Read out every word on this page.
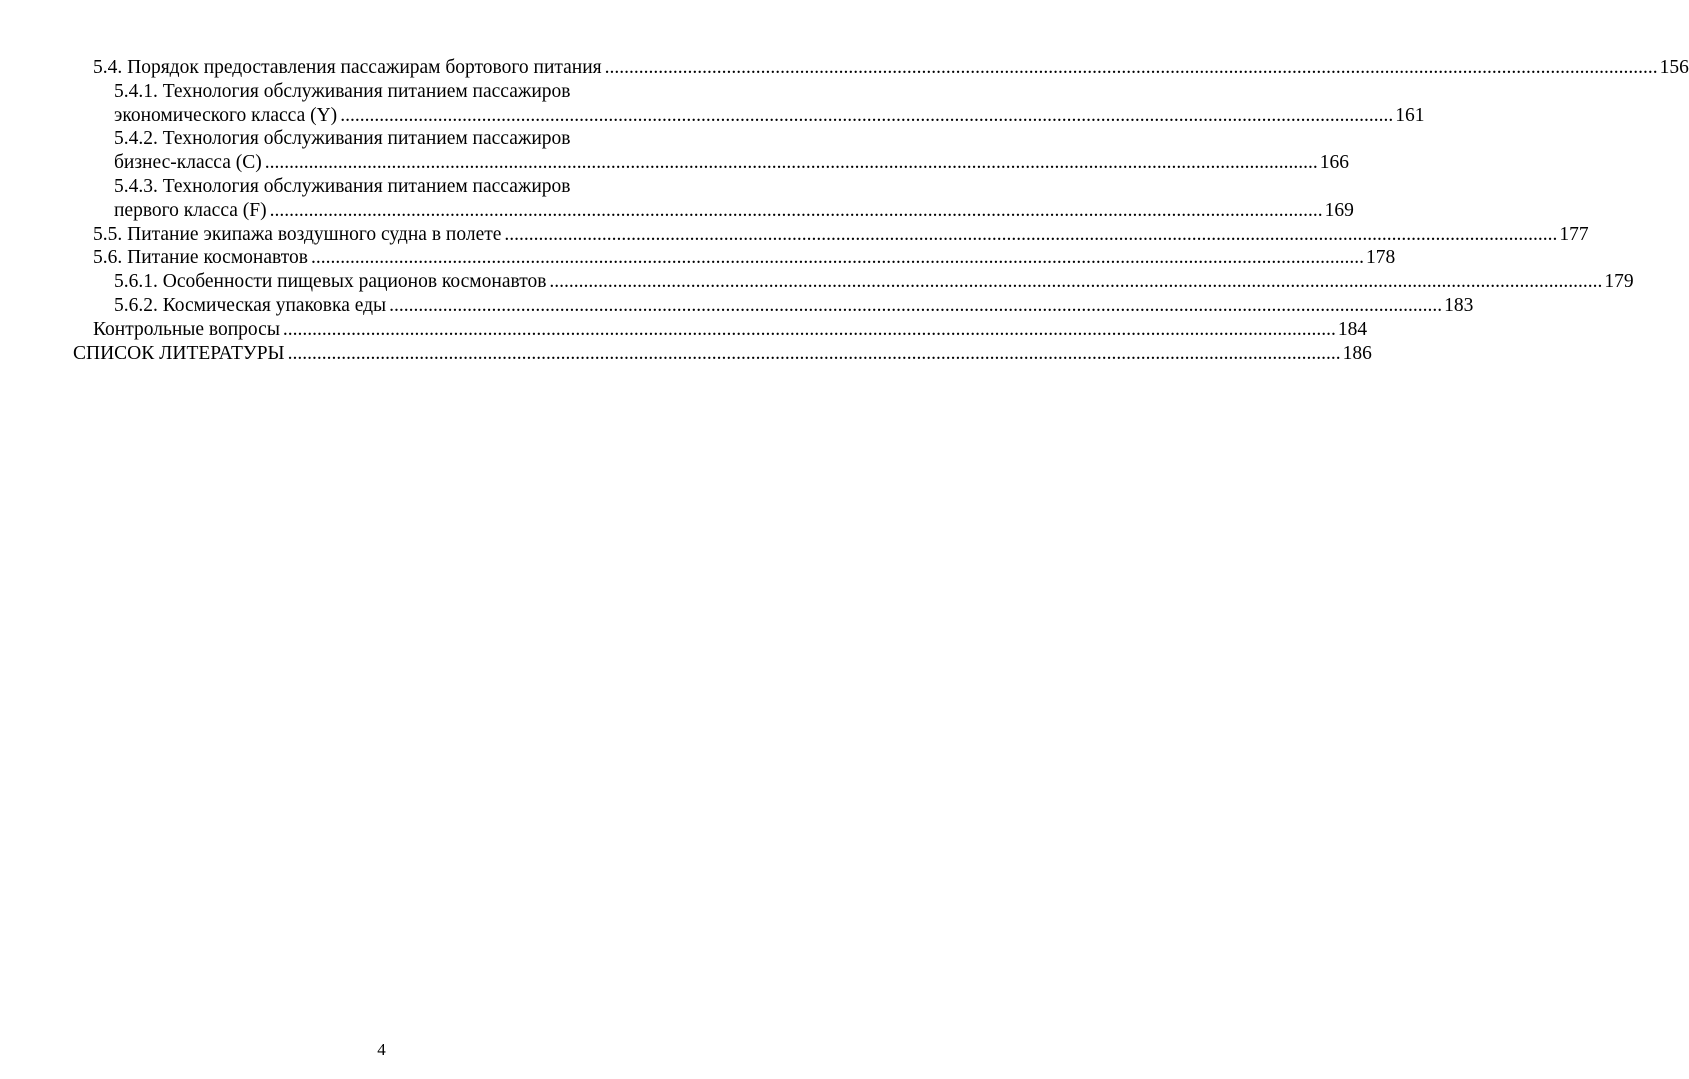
5.4. Порядок предоставления пассажирам бортового питания .....	156
5.4.1. Технология обслуживания питанием пассажиров
экономического класса (Y) .....	161
5.4.2. Технология обслуживания питанием пассажиров
бизнес-класса (C) .....	166
5.4.3. Технология обслуживания питанием пассажиров
первого класса (F) .....	169
5.5. Питание экипажа воздушного судна в полете .....	177
5.6. Питание космонавтов .....	178
5.6.1. Особенности пищевых рационов космонавтов .....	179
5.6.2. Космическая упаковка еды .....	183
Контрольные вопросы .....	184
СПИСОК ЛИТЕРАТУРЫ .....	186
4
